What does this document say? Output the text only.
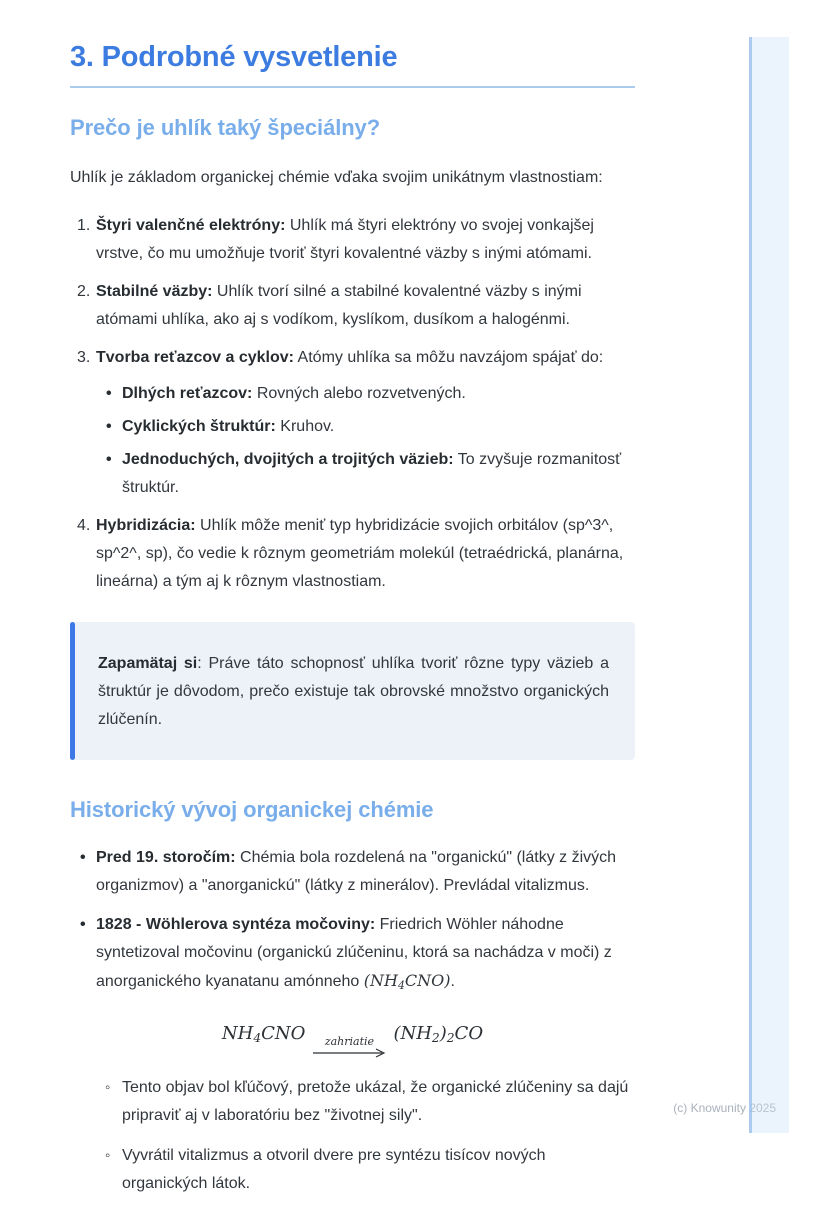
3. Podrobné vysvetlenie
Prečo je uhlík taký špeciálny?

Uhlík je základom organickej chémie vďaka svojim unikátnym vlastnostiam:

1. Štyri valenčné elektróny: Uhlík má štyri elektróny vo svojej vonkajšej vrstve, čo mu umožňuje tvoriť štyri kovalentné väzby s inými atómami.
2. Stabilné väzby: Uhlík tvorí silné a stabilné kovalentné väzby s inými atómami uhlíka, ako aj s vodíkom, kyslíkom, dusíkom a halogénmi.
3. Tvorba reťazcov a cyklov: Atómy uhlíka sa môžu navzájom spájať do:
• Dlhých reťazcov: Rovných alebo rozvetvených.
• Cyklických štruktúr: Kruhov.
• Jednoduchých, dvojitých a trojitých väzieb: To zvyšuje rozmanitosť štruktúr.
4. Hybridizácia: Uhlík môže meniť typ hybridizácie svojich orbitálov (sp^3^, sp^2^, sp), čo vedie k rôznym geometriám molekúl (tetraédrická, planárna, lineárna) a tým aj k rôznym vlastnostiam.
Zapamätaj si: Práve táto schopnosť uhlíka tvoriť rôzne typy väzieb a štruktúr je dôvodom, prečo existuje tak obrovské množstvo organických zlúčenín.
Historický vývoj organickej chémie
• Pred 19. storočím: Chémia bola rozdelená na "organickú" (látky z živých organizmov) a "anorganickú" (látky z minerálov). Prevládal vitalizmus.
• 1828 - Wöhlerova syntéza močoviny: Friedrich Wöhler náhodne syntetizoval močovinu (organickú zlúčeninu, ktorá sa nachádza v moči) z anorganického kyanatanu amónneho $(NH_4CNO)$.
$NH_4CNO$ zahriatie $(NH_2)_2CO$
◦ Tento objav bol kľúčový, pretože ukázal, že organické zlúčeniny sa dajú pripraviť aj v laboratóriu bez "životnej sily".
◦ Vyvrátil vitalizmus a otvoril dvere pre syntézu tisícov nových organických látok.
(c) Knowunity 2025
